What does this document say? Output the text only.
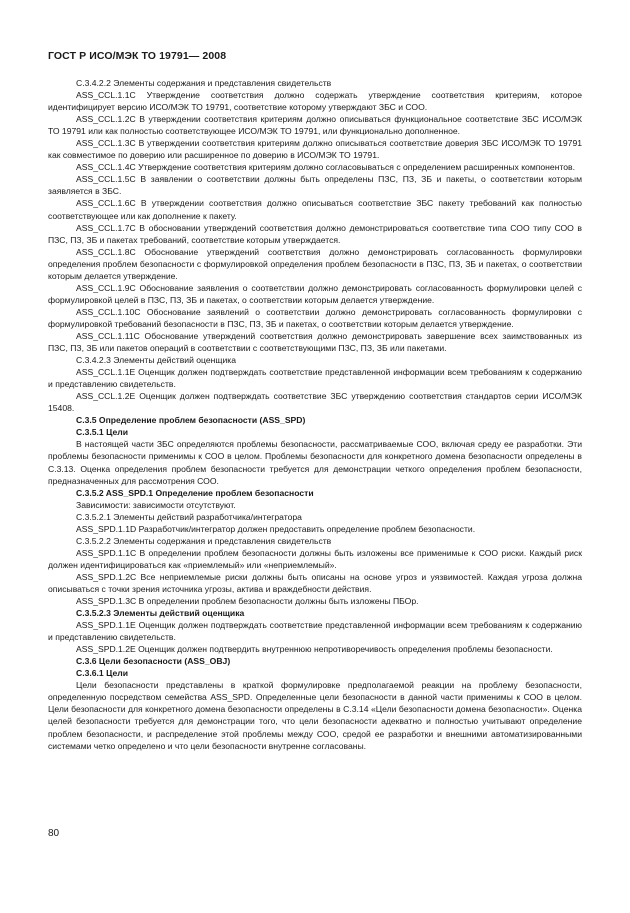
ГОСТ Р ИСО/МЭК ТО 19791— 2008

C.3.4.2.2 Элементы содержания и представления свидетельств

ASS_CCL.1.1C Утверждение соответствия должно содержать утверждение соответствия критериям, которое идентифицирует версию ИСО/МЭК ТО 19791, соответствие которому утверждают ЗБС и СОО.

ASS_CCL.1.2C В утверждении соответствия критериям должно описываться функциональное соответствие ЗБС ИСО/МЭК ТО 19791 или как полностью соответствующее ИСО/МЭК ТО 19791, или функционально дополненное.

ASS_CCL.1.3C В утверждении соответствия критериям должно описываться соответствие доверия ЗБС ИСО/МЭК ТО 19791 как совместимое по доверию или расширенное по доверию в ИСО/МЭК ТО 19791.

ASS_CCL.1.4C Утверждение соответствия критериям должно согласовываться с определением расширенных компонентов.

ASS_CCL.1.5C В заявлении о соответствии должны быть определены ПЗС, ПЗ, ЗБ и пакеты, о соответствии которым заявляется в ЗБС.

ASS_CCL.1.6C В утверждении соответствия должно описываться соответствие ЗБС пакету требований как полностью соответствующее или как дополнение к пакету.

ASS_CCL.1.7C В обосновании утверждений соответствия должно демонстрироваться соответствие типа СОО типу СОО в ПЗС, ПЗ, ЗБ и пакетах требований, соответствие которым утверждается.

ASS_CCL.1.8C Обоснование утверждений соответствия должно демонстрировать согласованность формулировки определения проблем безопасности с формулировкой определения проблем безопасности в ПЗС, ПЗ, ЗБ и пакетах, о соответствии которым делается утверждение.

ASS_CCL.1.9C Обоснование заявления о соответствии должно демонстрировать согласованность формулировки целей с формулировкой целей в ПЗС, ПЗ, ЗБ и пакетах, о соответствии которым делается утверждение.

ASS_CCL.1.10C Обоснование заявлений о соответствии должно демонстрировать согласованность формулировки с формулировкой требований безопасности в ПЗС, ПЗ, ЗБ и пакетах, о соответствии которым делается утверждение.

ASS_CCL.1.11C Обоснование утверждений соответствия должно демонстрировать завершение всех заимствованных из ПЗС, ПЗ, ЗБ или пакетов операций в соответствии с соответствующими ПЗС, ПЗ, ЗБ или пакетами.

C.3.4.2.3 Элементы действий оценщика

ASS_CCL.1.1E Оценщик должен подтверждать соответствие представленной информации всем требованиям к содержанию и представлению свидетельств.

ASS_CCL.1.2E Оценщик должен подтверждать соответствие ЗБС утверждению соответствия стандартов серии ИСО/МЭК 15408.

C.3.5 Определение проблем безопасности (ASS_SPD)

C.3.5.1 Цели

В настоящей части ЗБС определяются проблемы безопасности, рассматриваемые СОО, включая среду ее разработки. Эти проблемы безопасности применимы к СОО в целом. Проблемы безопасности для конкретного домена безопасности определены в С.3.13. Оценка определения проблем безопасности требуется для демонстрации четкого определения проблем безопасности, предназначенных для рассмотрения СОО.

C.3.5.2 ASS_SPD.1 Определение проблем безопасности

Зависимости: зависимости отсутствуют.

C.3.5.2.1 Элементы действий разработчика/интегратора

ASS_SPD.1.1D Разработчик/интегратор должен предоставить определение проблем безопасности.

C.3.5.2.2 Элементы содержания и представления свидетельств

ASS_SPD.1.1C В определении проблем безопасности должны быть изложены все применимые к СОО риски. Каждый риск должен идентифицироваться как «приемлемый» или «неприемлемый».

ASS_SPD.1.2C Все неприемлемые риски должны быть описаны на основе угроз и уязвимостей. Каждая угроза должна описываться с точки зрения источника угрозы, актива и враждебности действия.

ASS_SPD.1.3C В определении проблем безопасности должны быть изложены ПБОр.

C.3.5.2.3 Элементы действий оценщика

ASS_SPD.1.1E Оценщик должен подтверждать соответствие представленной информации всем требованиям к содержанию и представлению свидетельств.

ASS_SPD.1.2E Оценщик должен подтвердить внутреннюю непротиворечивость определения проблемы безопасности.

C.3.6 Цели безопасности (ASS_OBJ)

C.3.6.1 Цели

Цели безопасности представлены в краткой формулировке предполагаемой реакции на проблему безопасности, определенную посредством семейства ASS_SPD. Определенные цели безопасности в данной части применимы к СОО в целом. Цели безопасности для конкретного домена безопасности определены в С.3.14 «Цели безопасности домена безопасности». Оценка целей безопасности требуется для демонстрации того, что цели безопасности адекватно и полностью учитывают определение проблем безопасности, и распределение этой проблемы между СОО, средой ее разработки и внешними автоматизированными системами четко определено и что цели безопасности внутренне согласованы.

80
